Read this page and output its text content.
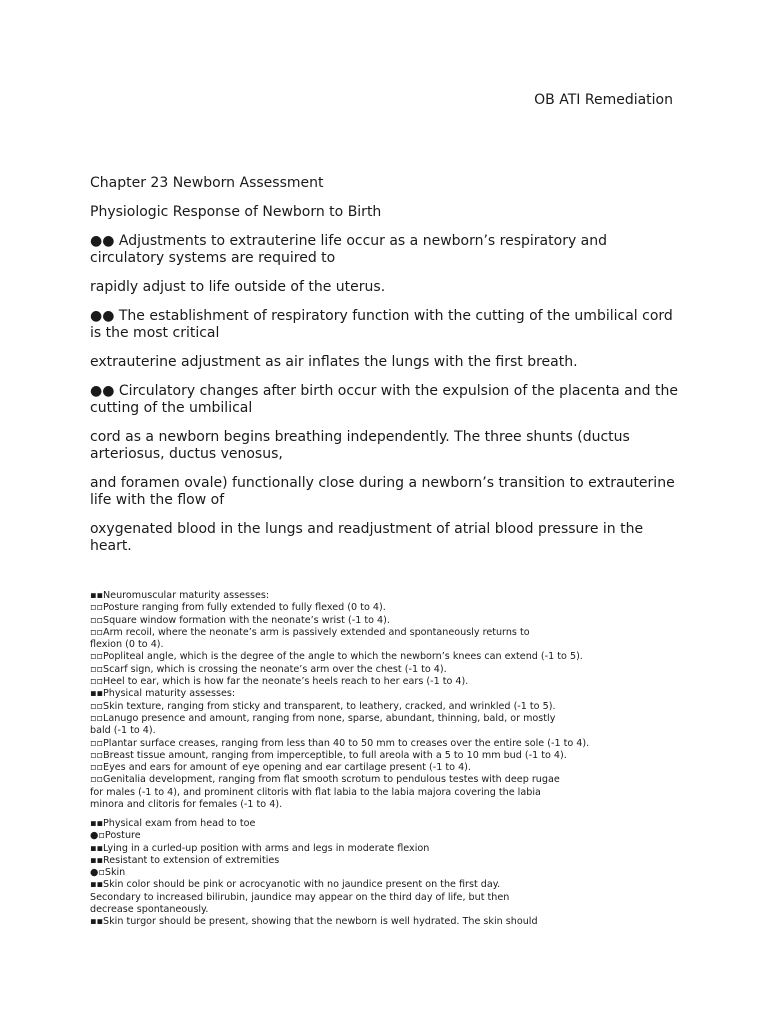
OB ATI Remediation

Chapter 23 Newborn Assessment

Physiologic Response of Newborn to Birth

●● Adjustments to extrauterine life occur as a newborn’s respiratory and circulatory systems are required to

rapidly adjust to life outside of the uterus.

●● The establishment of respiratory function with the cutting of the umbilical cord is the most critical

extrauterine adjustment as air inflates the lungs with the first breath.

●● Circulatory changes after birth occur with the expulsion of the placenta and the cutting of the umbilical

cord as a newborn begins breathing independently. The three shunts (ductus arteriosus, ductus venosus,

and foramen ovale) functionally close during a newborn’s transition to extrauterine life with the flow of

oxygenated blood in the lungs and readjustment of atrial blood pressure in the heart.

▪▪Neuromuscular maturity assesses:
▫▫Posture ranging from fully extended to fully flexed (0 to 4).
▫▫Square window formation with the neonate’s wrist (-1 to 4).
▫▫Arm recoil, where the neonate’s arm is passively extended and spontaneously returns to
flexion (0 to 4).
▫▫Popliteal angle, which is the degree of the angle to which the newborn’s knees can extend (-1 to 5).
▫▫Scarf sign, which is crossing the neonate’s arm over the chest (-1 to 4).
▫▫Heel to ear, which is how far the neonate’s heels reach to her ears (-1 to 4).
▪▪Physical maturity assesses:
▫▫Skin texture, ranging from sticky and transparent, to leathery, cracked, and wrinkled (-1 to 5).
▫▫Lanugo presence and amount, ranging from none, sparse, abundant, thinning, bald, or mostly
bald (-1 to 4).
▫▫Plantar surface creases, ranging from less than 40 to 50 mm to creases over the entire sole (-1 to 4).
▫▫Breast tissue amount, ranging from imperceptible, to full areola with a 5 to 10 mm bud (-1 to 4).
▫▫Eyes and ears for amount of eye opening and ear cartilage present (-1 to 4).
▫▫Genitalia development, ranging from flat smooth scrotum to pendulous testes with deep rugae
for males (-1 to 4), and prominent clitoris with flat labia to the labia majora covering the labia
minora and clitoris for females (-1 to 4).
▪▪Physical exam from head to toe
●▫Posture
▪▪Lying in a curled-up position with arms and legs in moderate flexion
▪▪Resistant to extension of extremities
●▫Skin
▪▪Skin color should be pink or acrocyanotic with no jaundice present on the first day.
Secondary to increased bilirubin, jaundice may appear on the third day of life, but then
decrease spontaneously.
▪▪Skin turgor should be present, showing that the newborn is well hydrated. The skin should
